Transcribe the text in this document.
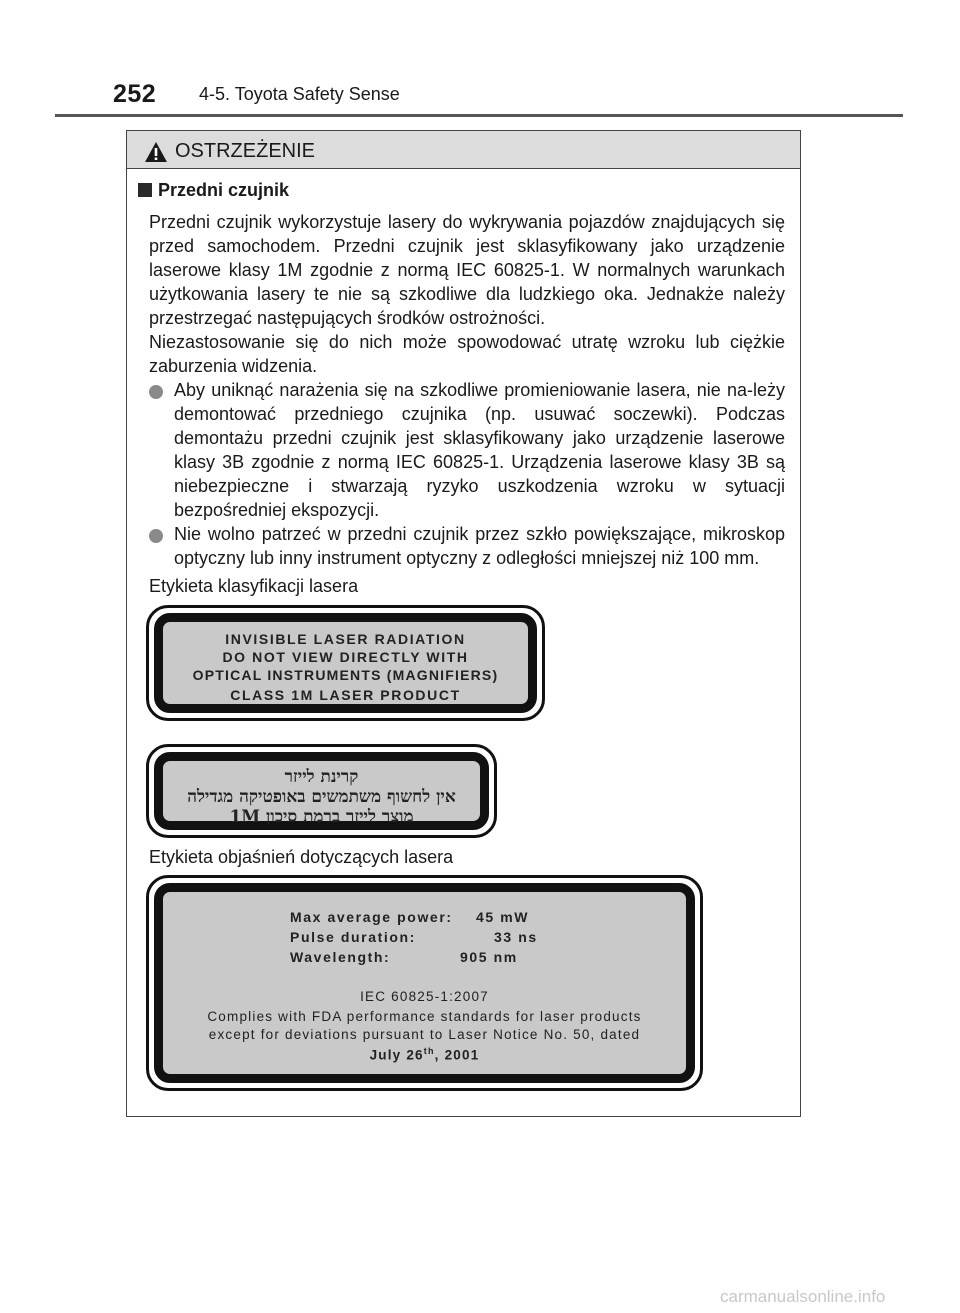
252 4-5. Toyota Safety Sense
OSTRZEŻENIE
Przedni czujnik
Przedni czujnik wykorzystuje lasery do wykrywania pojazdów znajdujących się przed samochodem. Przedni czujnik jest sklasyfikowany jako urządzenie laserowe klasy 1M zgodnie z normą IEC 60825-1. W normalnych warunkach użytkowania lasery te nie są szkodliwe dla ludzkiego oka. Jednakże należy przestrzegać następujących środków ostrożności.
Niezastosowanie się do nich może spowodować utratę wzroku lub ciężkie zaburzenia widzenia.
Aby uniknąć narażenia się na szkodliwe promieniowanie lasera, nie na-leży demontować przedniego czujnika (np. usuwać soczewki). Podczas demontażu przedni czujnik jest sklasyfikowany jako urządzenie laserowe klasy 3B zgodnie z normą IEC 60825-1. Urządzenia laserowe klasy 3B są niebezpieczne i stwarzają ryzyko uszkodzenia wzroku w sytuacji bezpośredniej ekspozycji.
Nie wolno patrzeć w przedni czujnik przez szkło powiększające, mikroskop optyczny lub inny instrument optyczny z odległości mniejszej niż 100 mm.
Etykieta klasyfikacji lasera
INVISIBLE LASER RADIATION
DO NOT VIEW DIRECTLY WITH
OPTICAL INSTRUMENTS (MAGNIFIERS)
CLASS 1M LASER PRODUCT
קרינת לייזר
אין לחשוף משתמשים באופטיקה מגדילה
מוצר לייזר ברמת סיכון 1M
Etykieta objaśnień dotyczących lasera
Max average power: 45 mW
Pulse duration:	33 ns
Wavelength:	905 nm
IEC 60825-1:2007
Complies with FDA performance standards for laser products
except for deviations pursuant to Laser Notice No. 50, dated
July 26th, 2001
carmanualsonline.info
